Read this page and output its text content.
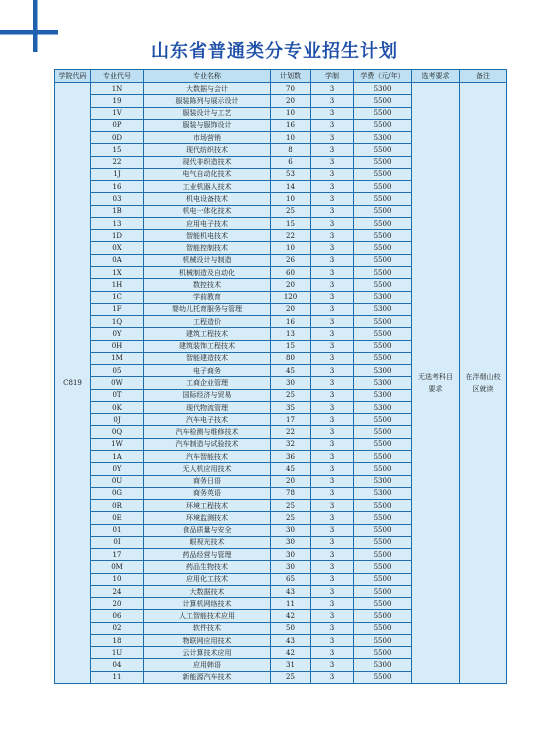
山东省普通类分专业招生计划
学院代码	专业代号	专业名称	计划数	学制	学费（元/年）	选考要求	备注
C819	1N	大数据与会计	70	3	5300	无选考科目要求	在泮烟山校区就读
	19	服装陈列与展示设计	20	3	5500		
	1V	服装设计与工艺	10	3	5500		
	0P	服装与服饰设计	16	3	5500		
	0D	市场营销	10	3	5300		
	15	现代纺织技术	8	3	5500		
	22	现代非织造技术	6	3	5500		
	1J	电气自动化技术	53	3	5500		
	16	工业机器人技术	14	3	5500		
	03	机电设备技术	10	3	5500		
	1B	机电一体化技术	25	3	5500		
	13	应用电子技术	15	3	5500		
	1D	智能机电技术	22	3	5500		
	0X	智能控制技术	10	3	5500		
	0A	机械设计与制造	26	3	5500		
	1X	机械制造及自动化	60	3	5500		
	1H	数控技术	20	3	5500		
	1C	学前教育	120	3	5300		
	1F	婴幼儿托育服务与管理	20	3	5300		
	1Q	工程造价	16	3	5500		
	0Y	建筑工程技术	13	3	5500		
	0H	建筑装饰工程技术	15	3	5500		
	1M	智能建造技术	80	3	5500		
	05	电子商务	45	3	5300		
	0W	工商企业管理	30	3	5300		
	0T	国际经济与贸易	25	3	5300		
	0K	现代物流管理	35	3	5300		
	0J	汽车电子技术	17	3	5500		
	0Q	汽车检测与维修技术	22	3	5500		
	1W	汽车制造与试验技术	32	3	5500		
	1A	汽车智能技术	36	3	5500		
	0Y	无人机应用技术	45	3	5500		
	0U	商务日语	20	3	5300		
	0G	商务英语	78	3	5300		
	0R	环境工程技术	25	3	5500		
	0E	环境监测技术	25	3	5500		
	01	食品质量与安全	30	3	5500		
	0I	眼视光技术	30	3	5500		
	17	药品经营与管理	30	3	5500		
	0M	药品生物技术	30	3	5500		
	10	应用化工技术	65	3	5500		
	24	大数据技术	43	3	5500		
	20	计算机网络技术	11	3	5500		
	06	人工智能技术应用	42	3	5500		
	02	软件技术	50	3	5500		
	18	物联网应用技术	43	3	5500		
	1U	云计算技术应用	42	3	5500		
	04	应用韩语	31	3	5300		
	11	新能源汽车技术	25	3	5500		
